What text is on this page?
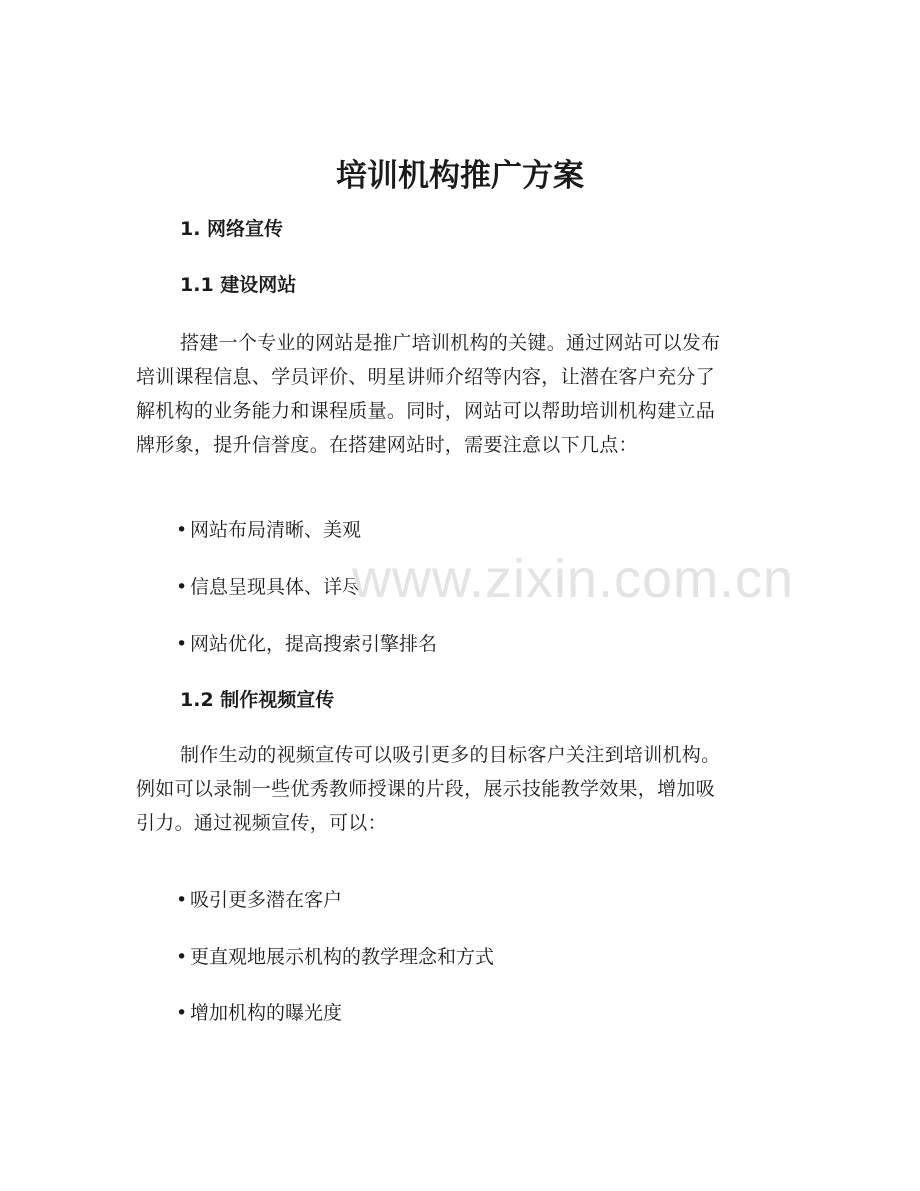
培训机构推广方案
1. 网络宣传
1.1 建设网站

搭建一个专业的网站是推广培训机构的关键。通过网站可以发布
培训课程信息、学员评价、明星讲师介绍等内容，让潜在客户充分了
解机构的业务能力和课程质量。同时，网站可以帮助培训机构建立品
牌形象，提升信誉度。在搭建网站时，需要注意以下几点：

• 网站布局清晰、美观
• 信息呈现具体、详尽
• 网站优化，提高搜索引擎排名
1.2 制作视频宣传

制作生动的视频宣传可以吸引更多的目标客户关注到培训机构。
例如可以录制一些优秀教师授课的片段，展示技能教学效果，增加吸
引力。通过视频宣传，可以：

• 吸引更多潜在客户
• 更直观地展示机构的教学理念和方式
• 增加机构的曝光度
www.zixin.com.cn
